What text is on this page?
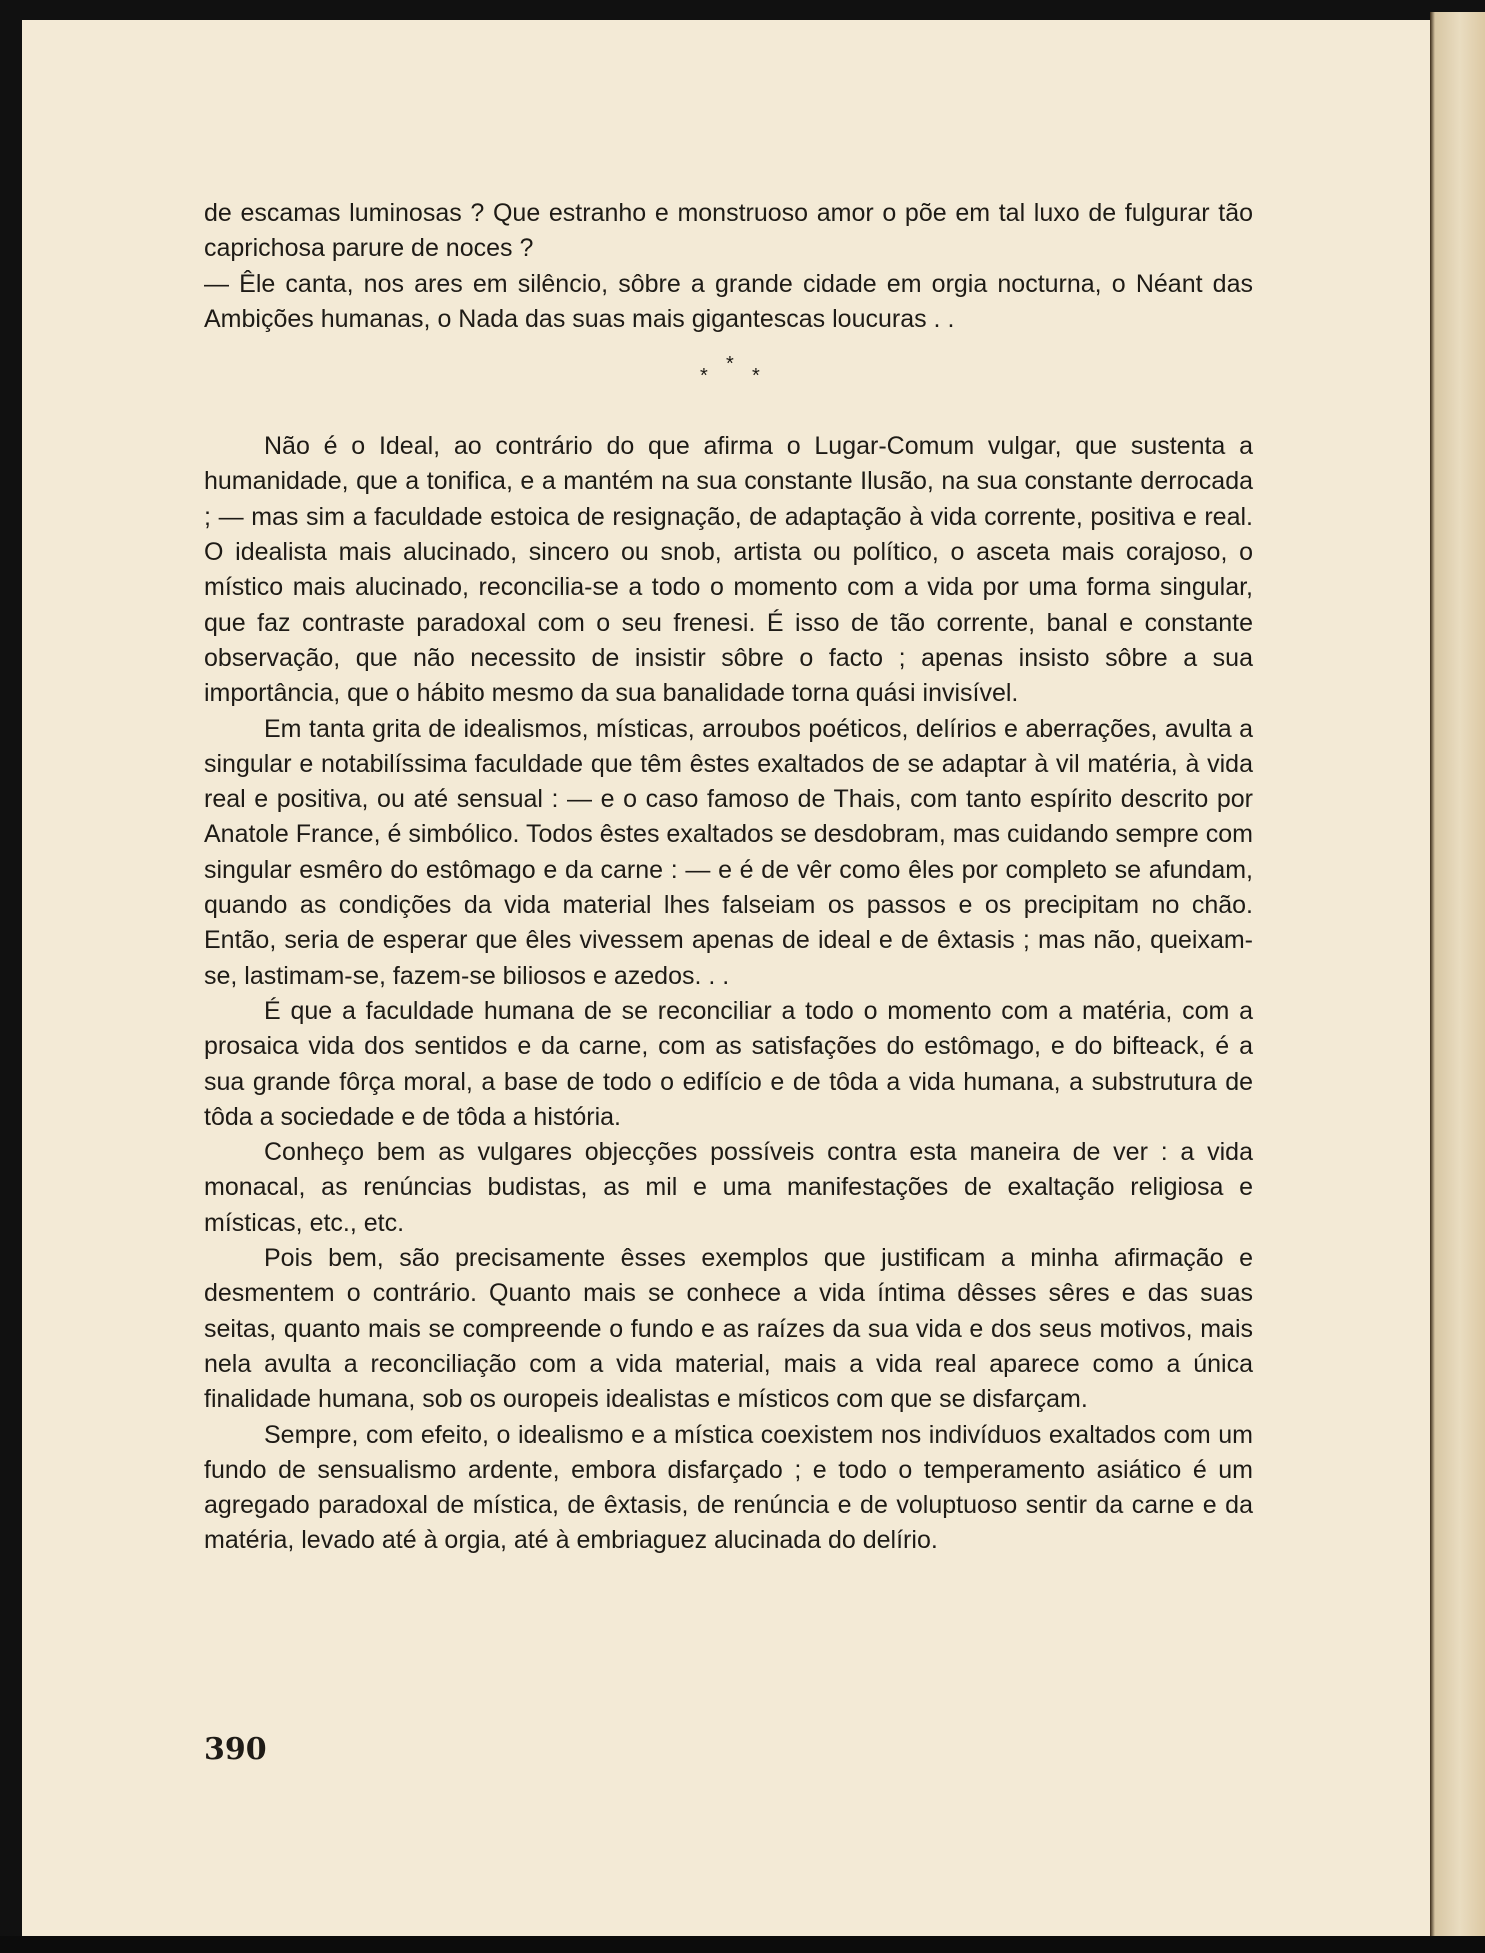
de escamas luminosas ? Que estranho e monstruoso amor o põe em tal luxo de fulgurar tão caprichosa parure de noces ?

— Êle canta, nos ares em silêncio, sôbre a grande cidade em orgia nocturna, o Néant das Ambições humanas, o Nada das suas mais gigantescas loucuras . .

*
* *

Não é o Ideal, ao contrário do que afirma o Lugar-Comum vulgar, que sustenta a humanidade, que a tonifica, e a mantém na sua constante Ilusão, na sua constante derrocada ; — mas sim a faculdade estoica de resignação, de adaptação à vida corrente, positiva e real. O idealista mais alucinado, sincero ou snob, artista ou político, o asceta mais corajoso, o místico mais alucinado, reconcilia-se a todo o momento com a vida por uma forma singular, que faz contraste paradoxal com o seu frenesi. É isso de tão corrente, banal e constante observação, que não necessito de insistir sôbre o facto ; apenas insisto sôbre a sua importância, que o hábito mesmo da sua banalidade torna quási invisível.

Em tanta grita de idealismos, místicas, arroubos poéticos, delírios e aberrações, avulta a singular e notabilíssima faculdade que têm êstes exaltados de se adaptar à vil matéria, à vida real e positiva, ou até sensual : — e o caso famoso de Thais, com tanto espírito descrito por Anatole France, é simbólico. Todos êstes exaltados se desdobram, mas cuidando sempre com singular esmêro do estômago e da carne : — e é de vêr como êles por completo se afundam, quando as condições da vida material lhes falseiam os passos e os precipitam no chão. Então, seria de esperar que êles vivessem apenas de ideal e de êxtasis ; mas não, queixam-se, lastimam-se, fazem-se biliosos e azedos. . .

É que a faculdade humana de se reconciliar a todo o momento com a matéria, com a prosaica vida dos sentidos e da carne, com as satisfações do estômago, e do bifteack, é a sua grande fôrça moral, a base de todo o edifício e de tôda a vida humana, a substrutura de tôda a sociedade e de tôda a história.

Conheço bem as vulgares objecções possíveis contra esta maneira de ver : a vida monacal, as renúncias budistas, as mil e uma manifestações de exaltação religiosa e místicas, etc., etc.

Pois bem, são precisamente êsses exemplos que justificam a minha afirmação e desmentem o contrário. Quanto mais se conhece a vida íntima dêsses sêres e das suas seitas, quanto mais se compreende o fundo e as raízes da sua vida e dos seus motivos, mais nela avulta a reconciliação com a vida material, mais a vida real aparece como a única finalidade humana, sob os ouropeis idealistas e místicos com que se disfarçam.

Sempre, com efeito, o idealismo e a mística coexistem nos indivíduos exaltados com um fundo de sensualismo ardente, embora disfarçado ; e todo o temperamento asiático é um agregado paradoxal de mística, de êxtasis, de renúncia e de voluptuoso sentir da carne e da matéria, levado até à orgia, até à embriaguez alucinada do delírio.

390
